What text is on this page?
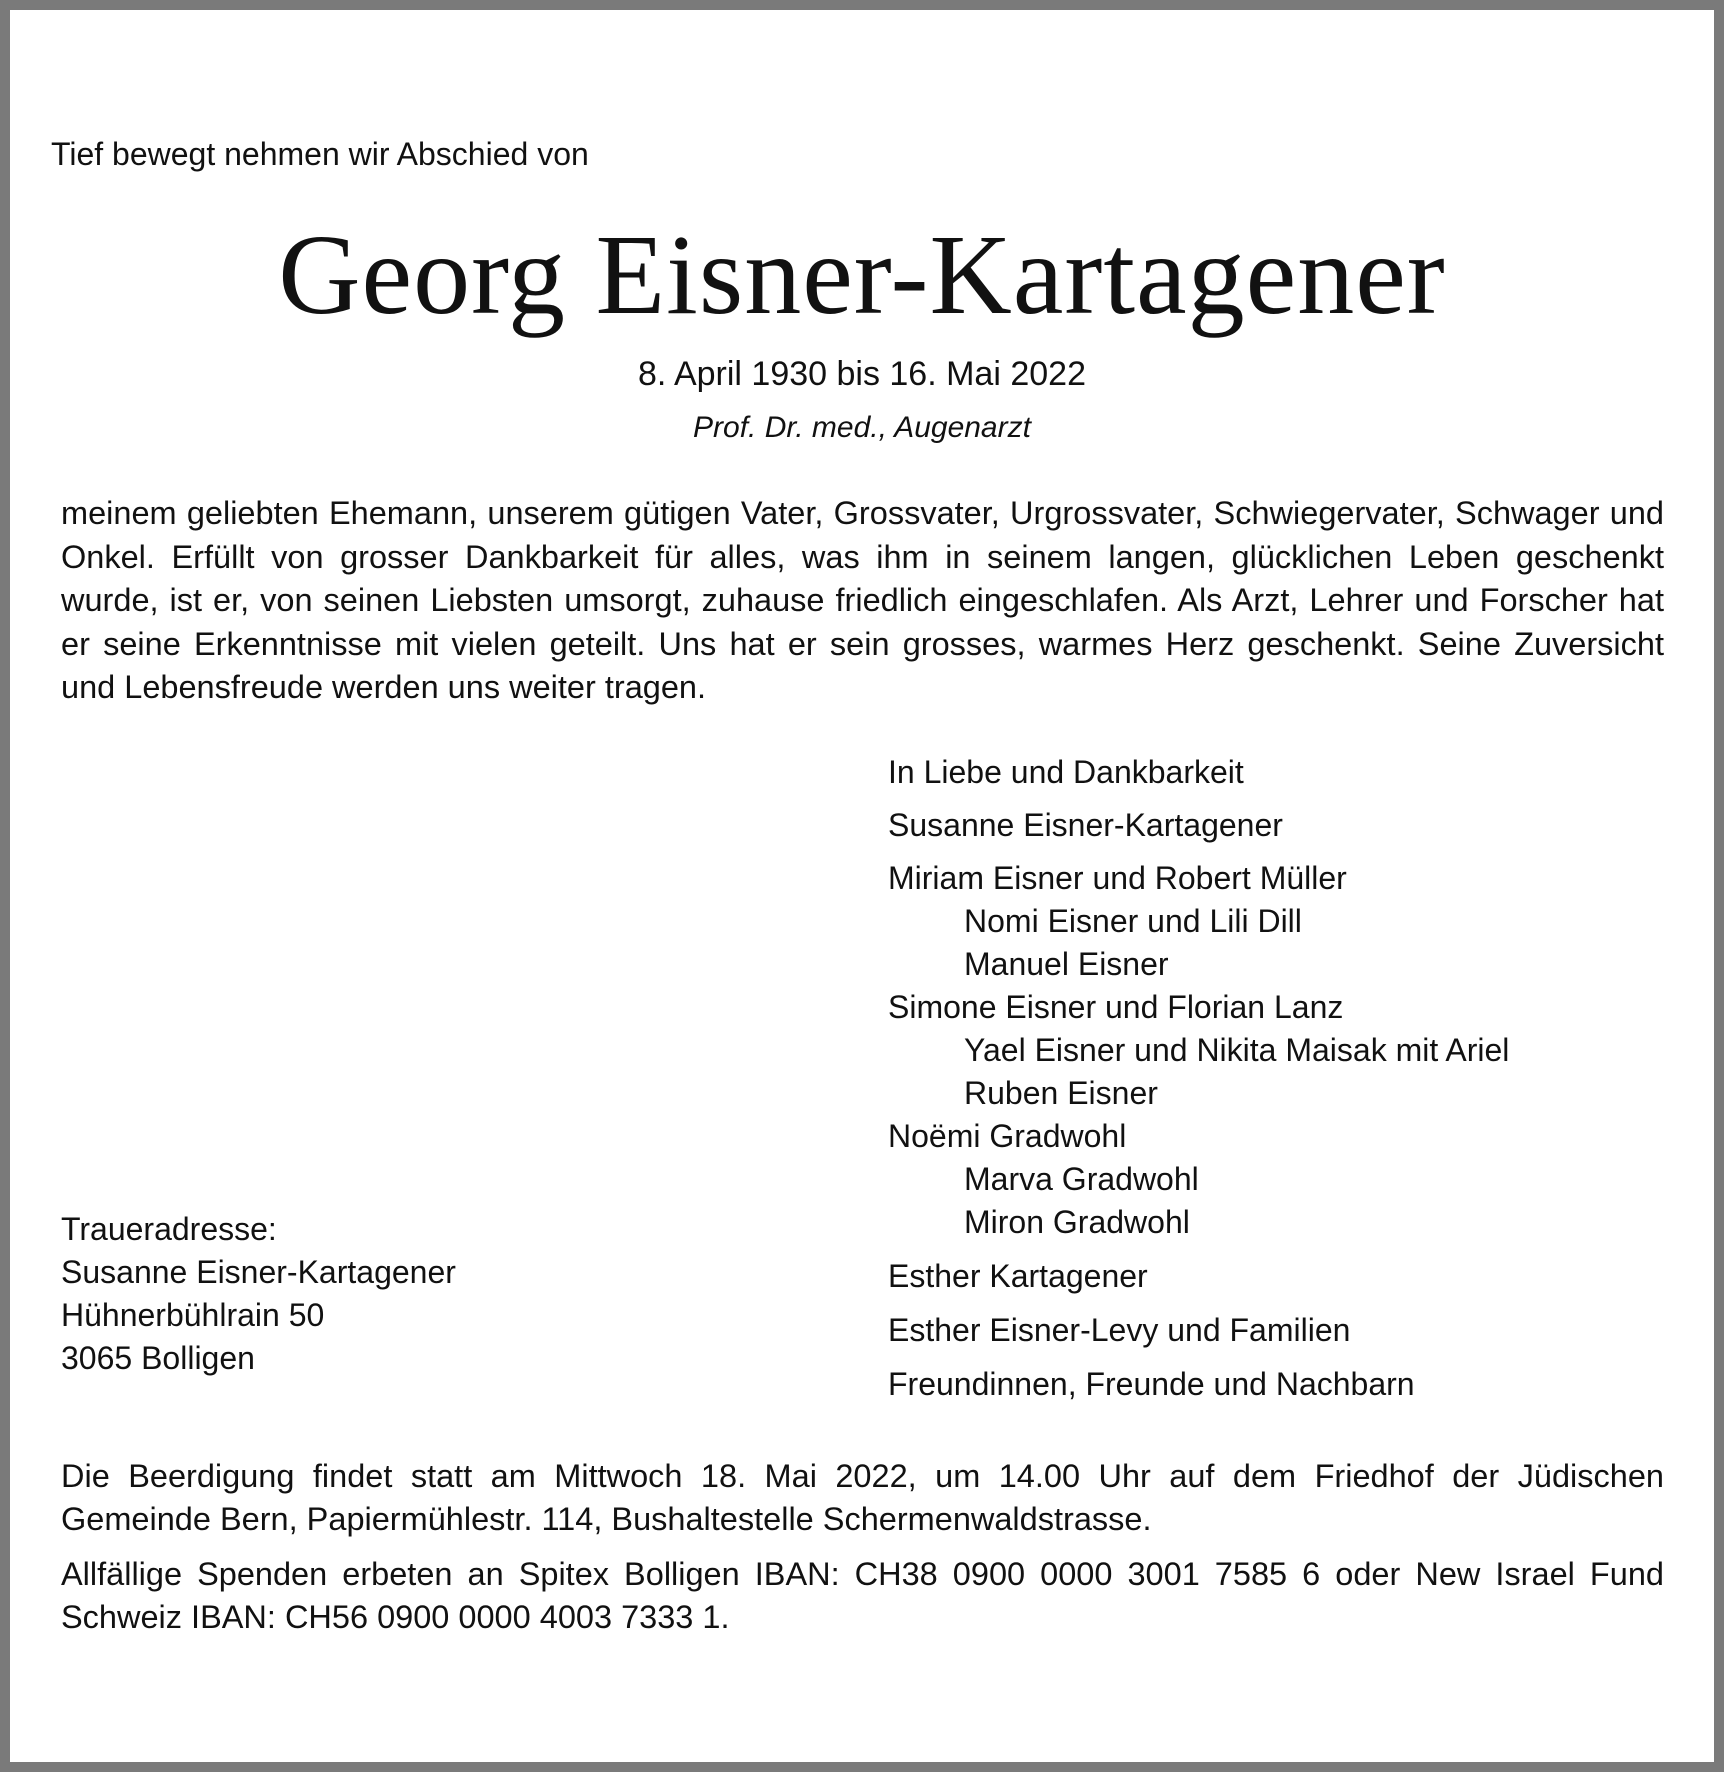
Tief bewegt nehmen wir Abschied von
Georg Eisner-Kartagener
8. April 1930 bis 16. Mai 2022
Prof. Dr. med., Augenarzt

meinem geliebten Ehemann, unserem gütigen Vater, Grossvater, Urgrossvater, Schwiegervater, Schwager und Onkel. Erfüllt von grosser Dankbarkeit für alles, was ihm in seinem langen, glücklichen Leben geschenkt wurde, ist er, von seinen Liebsten umsorgt, zuhause friedlich eingeschlafen. Als Arzt, Lehrer und Forscher hat er seine Erkenntnisse mit vielen geteilt. Uns hat er sein grosses, warmes Herz geschenkt. Seine Zuversicht und Lebensfreude werden uns weiter tragen.

In Liebe und Dankbarkeit
Susanne Eisner-Kartagener
Miriam Eisner und Robert Müller
Nomi Eisner und Lili Dill
Manuel Eisner
Simone Eisner und Florian Lanz
Yael Eisner und Nikita Maisak mit Ariel
Ruben Eisner
Noëmi Gradwohl
Marva Gradwohl
Miron Gradwohl
Esther Kartagener
Esther Eisner-Levy und Familien
Freundinnen, Freunde und Nachbarn
Traueradresse:
Susanne Eisner-Kartagener
Hühnerbühlrain 50
3065 Bolligen

Die Beerdigung findet statt am Mittwoch 18. Mai 2022, um 14.00 Uhr auf dem Friedhof der Jüdischen Gemeinde Bern, Papiermühlestr. 114, Bushaltestelle Schermenwaldstrasse.

Allfällige Spenden erbeten an Spitex Bolligen IBAN: CH38 0900 0000 3001 7585 6 oder New Israel Fund Schweiz IBAN: CH56 0900 0000 4003 7333 1.
